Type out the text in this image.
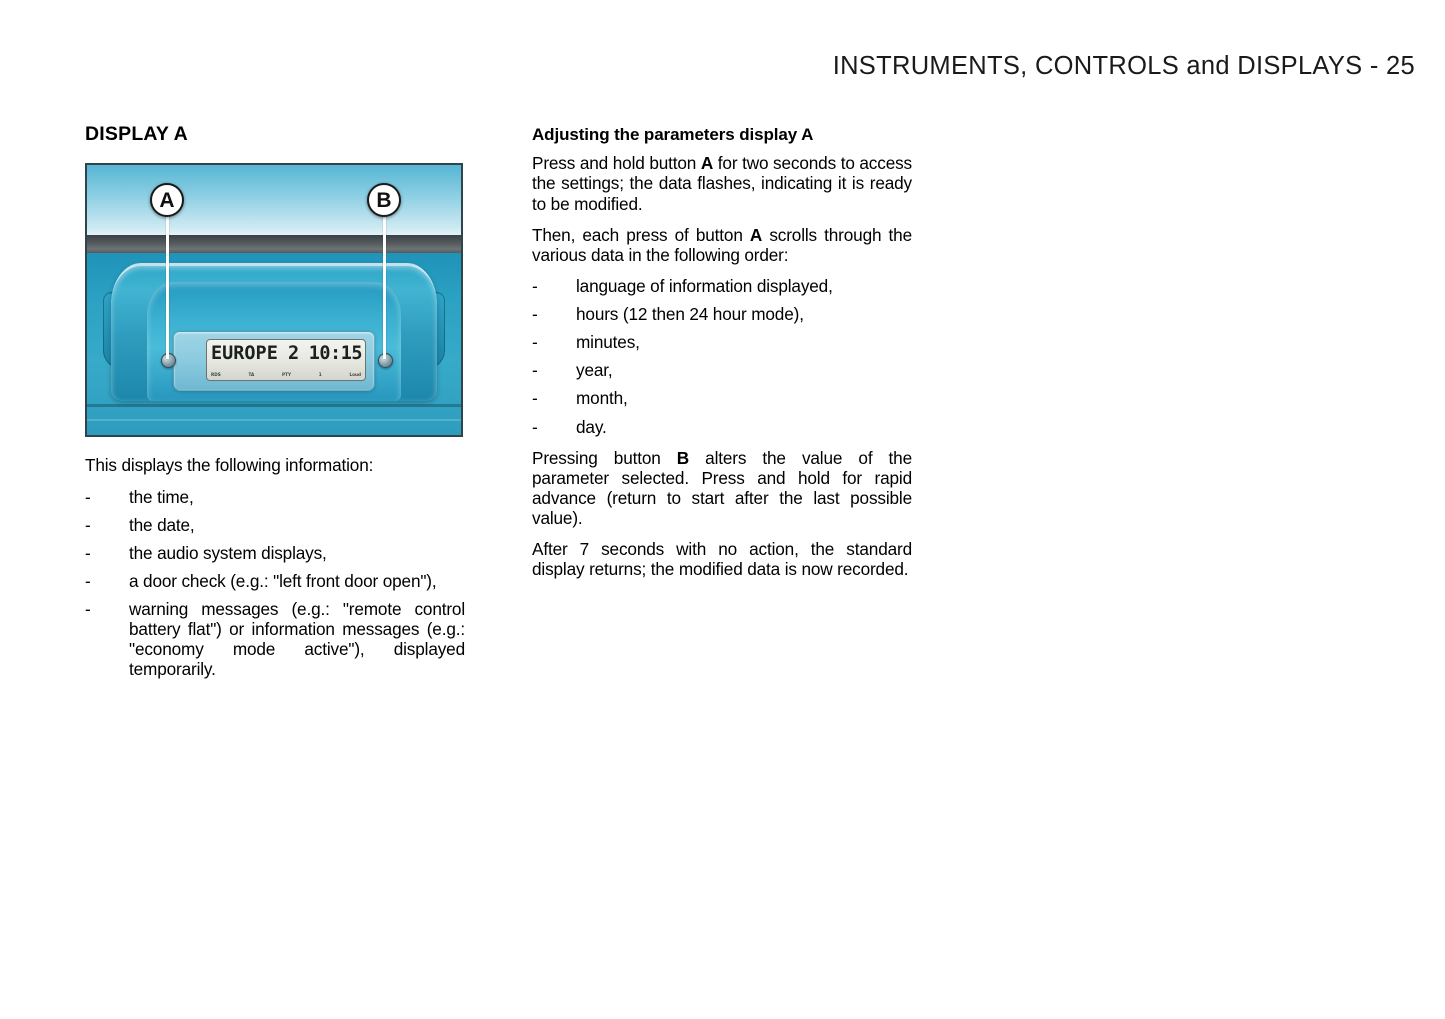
INSTRUMENTS, CONTROLS and DISPLAYS - 25
DISPLAY A
EUROPE 2 10:15
RDS	TA	PTY	1	Loud
A	B

This displays the following information:

- the time,
- the date,
- the audio system displays,
- a door check (e.g.: "left front door open"),
- warning messages (e.g.: "remote control battery flat") or information messages (e.g.: "economy mode active"), displayed temporarily.
Adjusting the parameters display A

Press and hold button A for two seconds to access the settings; the data flashes, indicating it is ready to be modified.

Then, each press of button A scrolls through the various data in the following order:

- language of information displayed,
- hours (12 then 24 hour mode),
- minutes,
- year,
- month,
- day.

Pressing button B alters the value of the parameter selected. Press and hold for rapid advance (return to start after the last possible value).

After 7 seconds with no action, the standard display returns; the modified data is now recorded.
